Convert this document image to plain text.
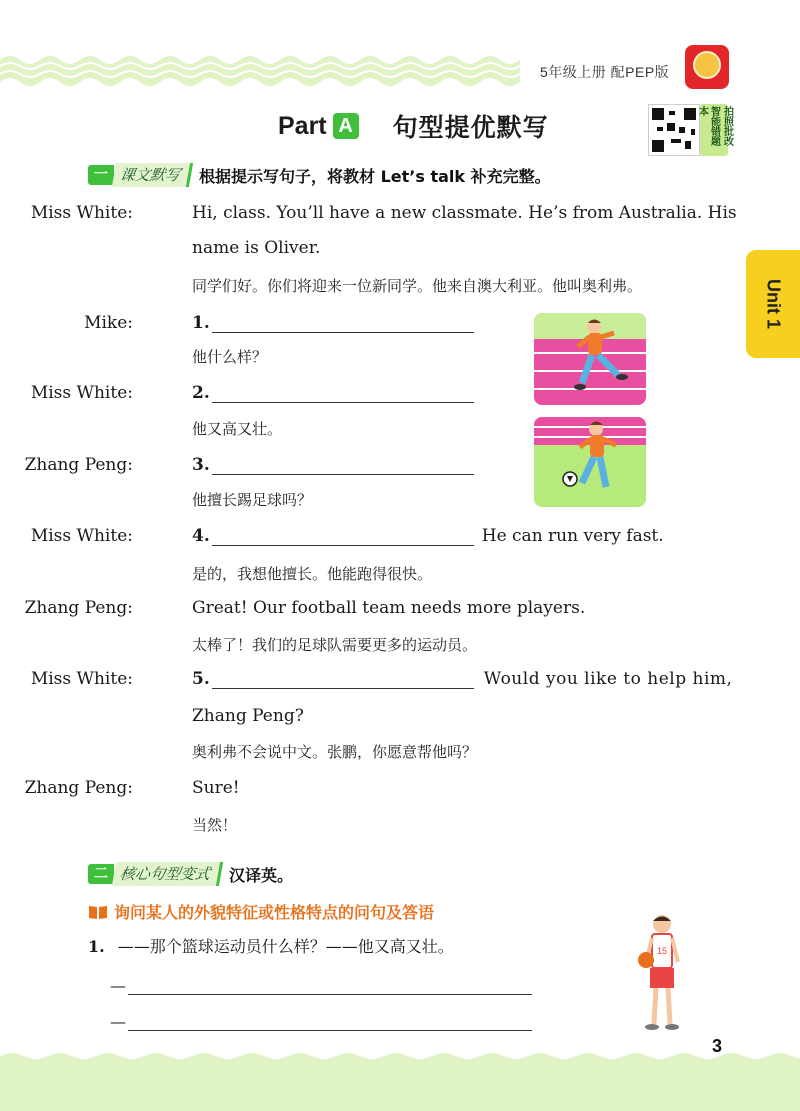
5年级上册 配PEP版
Part A 句型提优默写	智能错题本	拍照批改
一 课文默写	根据提示写句子，将教材 Let’s talk 补充完整。
Unit 1
Miss White:	Hi, class. You’ll have a new classmate. He’s from Australia. His
name is Oliver.
同学们好。你们将迎来一位新同学。他来自澳大利亚。他叫奥利弗。
Mike:	1.
他什么样？
Miss White:	2.
他又高又壮。
Zhang Peng:	3.
他擅长踢足球吗？
Miss White:	4.	He can run very fast.
是的，我想他擅长。他能跑得很快。
Zhang Peng:	Great! Our football team needs more players.
太棒了！我们的足球队需要更多的运动员。
Miss White:	5.	Would you like to help him,
Zhang Peng?
奥利弗不会说中文。张鹏，你愿意帮他吗？
Zhang Peng:	Sure!
当然！
二 核心句型变式	汉译英。
询问某人的外貌特征或性格特点的问句及答语
1. ——那个篮球运动员什么样？——他又高又壮。
—
—
15
3
